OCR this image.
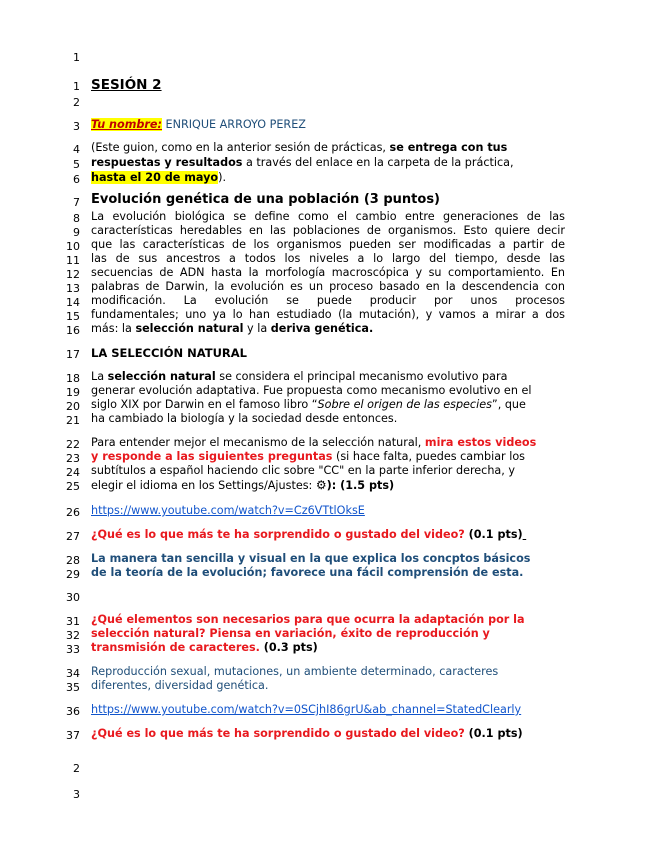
1
1
2
3
4
5
6
7
8
9
10
11
12
13
14
15
16
17
18
19
20
21
22
23
24
25
26
27
28
29
30
31
32
33
34
35
36
37
2
3
SESIÓN 2
Tu nombre: ENRIQUE ARROYO PEREZ
(Este guion, como en la anterior sesión de prácticas, se entrega con tus
respuestas y resultados a través del enlace en la carpeta de la práctica,
hasta el 20 de mayo).
Evolución genética de una población (3 puntos)
La evolución biológica se define como el cambio entre generaciones de las
características heredables en las poblaciones de organismos. Esto quiere decir
que las características de los organismos pueden ser modificadas a partir de
las de sus ancestros a todos los niveles a lo largo del tiempo, desde las
secuencias de ADN hasta la morfología macroscópica y su comportamiento. En
palabras de Darwin, la evolución es un proceso basado en la descendencia con
modificación. La evolución se puede producir por unos procesos
fundamentales; uno ya lo han estudiado (la mutación), y vamos a mirar a dos
más: la selección natural y la deriva genética.
LA SELECCIÓN NATURAL
La selección natural se considera el principal mecanismo evolutivo para
generar evolución adaptativa. Fue propuesta como mecanismo evolutivo en el
siglo XIX por Darwin en el famoso libro “Sobre el origen de las especies”, que
ha cambiado la biología y la sociedad desde entonces.
Para entender mejor el mecanismo de la selección natural, mira estos videos
y responde a las siguientes preguntas (si hace falta, puedes cambiar los
subtítulos a español haciendo clic sobre "CC" en la parte inferior derecha, y
elegir el idioma en los Settings/Ajustes: ⚙): (1.5 pts)
https://www.youtube.com/watch?v=Cz6VTtlOksE
¿Qué es lo que más te ha sorprendido o gustado del video? (0.1 pts)
La manera tan sencilla y visual en la que explica los concptos básicos
de la teoría de la evolución; favorece una fácil comprensión de esta.
¿Qué elementos son necesarios para que ocurra la adaptación por la
selección natural? Piensa en variación, éxito de reproducción y
transmisión de caracteres. (0.3 pts)
Reproducción sexual, mutaciones, un ambiente determinado, caracteres
diferentes, diversidad genética.
https://www.youtube.com/watch?v=0SCjhI86grU&ab_channel=StatedClearly
¿Qué es lo que más te ha sorprendido o gustado del video? (0.1 pts)
